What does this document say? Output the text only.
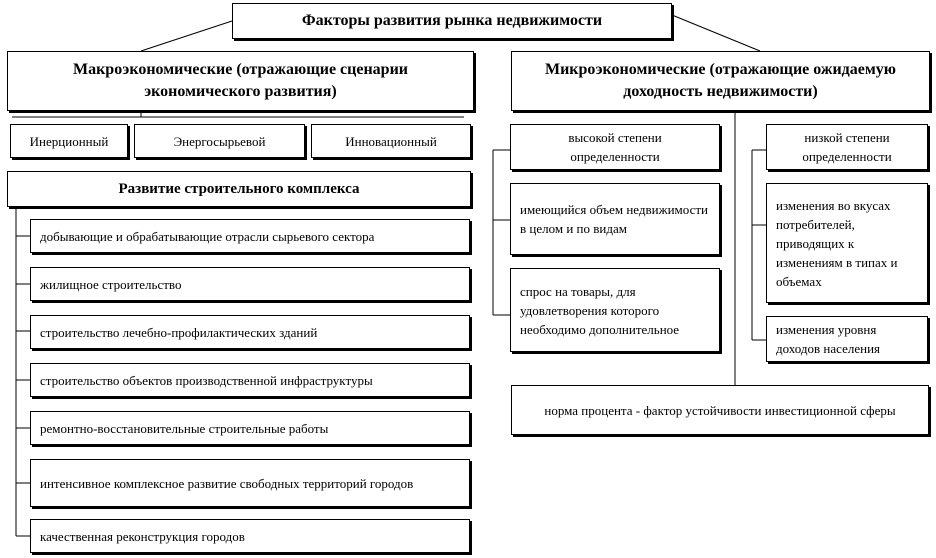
Факторы развития рынка недвижимости
Макроэкономические (отражающие сценарии экономического развития)
Инерционный	Энергосырьевой	Инновационный
Развитие строительного комплекса
добывающие и обрабатывающие отрасли сырьевого сектора
жилищное строительство
строительство лечебно-профилактических зданий
строительство объектов производственной инфраструктуры
ремонтно-восстановительные строительные работы
интенсивное комплексное развитие свободных территорий городов
качественная реконструкция городов
Микроэкономические (отражающие ожидаемую доходность недвижимости)
высокой степени определенности
имеющийся объем недвижимости в целом и по видам
спрос на товары, для удовлетворения которого необходимо дополнительное
низкой степени определенности
изменения во вкусах потребителей, приводящих к изменениям в типах и объемах
изменения уровня доходов населения
норма процента - фактор устойчивости инвестиционной сферы
